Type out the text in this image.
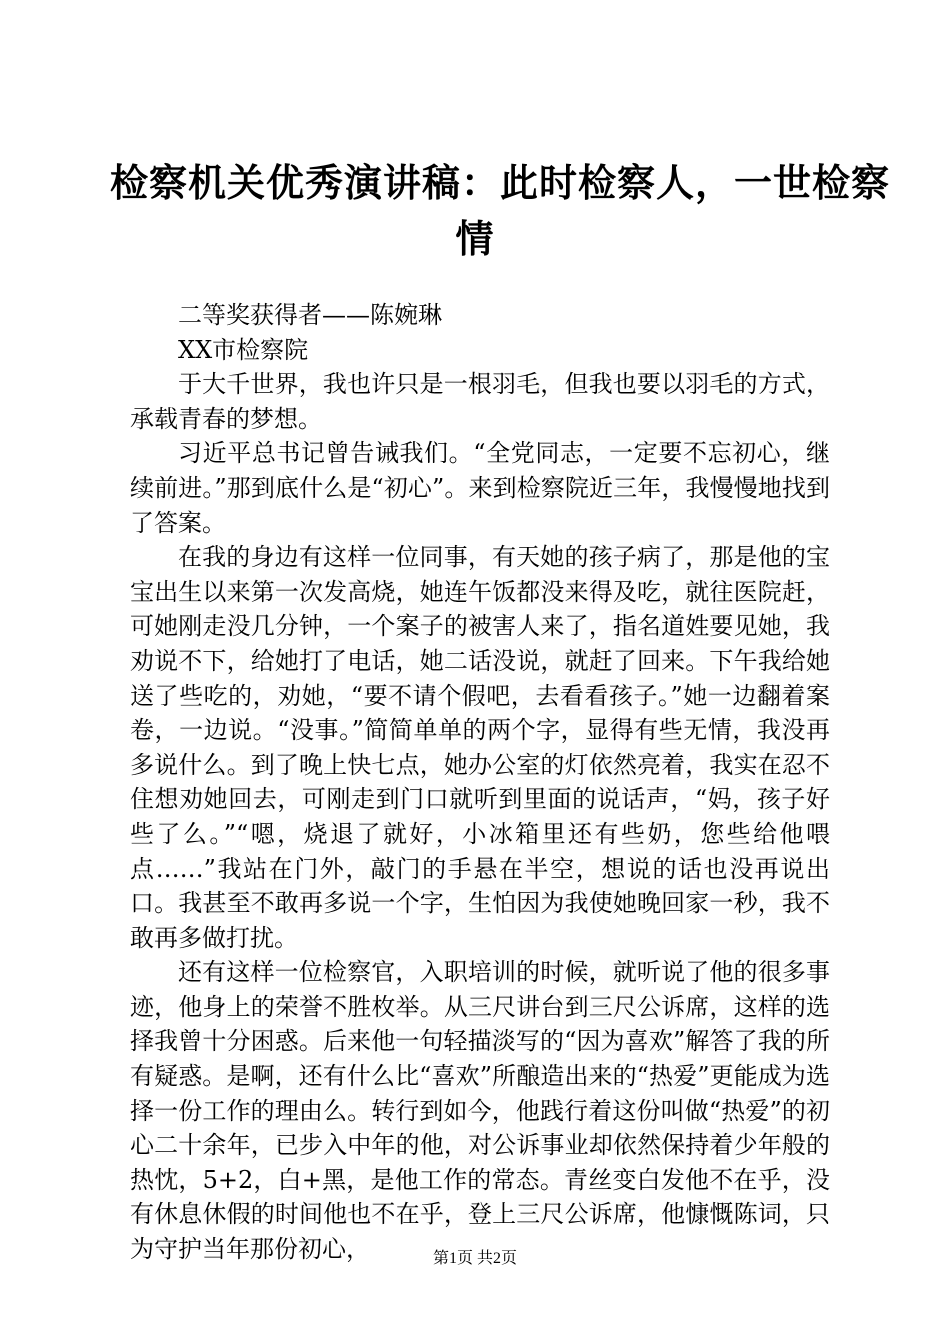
检察机关优秀演讲稿：此时检察人，一世检察
情

二等奖获得者——陈婉琳

XX市检察院

于大千世界，我也许只是一根羽毛，但我也要以羽毛的方式，承载青春的梦想。

习近平总书记曾告诫我们。“全党同志，一定要不忘初心，继续前进。”那到底什么是“初心”。来到检察院近三年，我慢慢地找到了答案。

在我的身边有这样一位同事，有天她的孩子病了，那是他的宝宝出生以来第一次发高烧，她连午饭都没来得及吃，就往医院赶，可她刚走没几分钟，一个案子的被害人来了，指名道姓要见她，我劝说不下，给她打了电话，她二话没说，就赶了回来。下午我给她送了些吃的，劝她，“要不请个假吧，去看看孩子。”她一边翻着案卷，一边说。“没事。”简简单单的两个字，显得有些无情，我没再多说什么。到了晚上快七点，她办公室的灯依然亮着，我实在忍不住想劝她回去，可刚走到门口就听到里面的说话声，“妈，孩子好些了么。”“嗯，烧退了就好，小冰箱里还有些奶，您些给他喂点……”我站在门外，敲门的手悬在半空，想说的话也没再说出口。我甚至不敢再多说一个字，生怕因为我使她晚回家一秒，我不敢再多做打扰。

还有这样一位检察官，入职培训的时候，就听说了他的很多事迹，他身上的荣誉不胜枚举。从三尺讲台到三尺公诉席，这样的选择我曾十分困惑。后来他一句轻描淡写的“因为喜欢”解答了我的所有疑惑。是啊，还有什么比“喜欢”所酿造出来的“热爱”更能成为选择一份工作的理由么。转行到如今，他践行着这份叫做“热爱”的初心二十余年，已步入中年的他，对公诉事业却依然保持着少年般的热忱，5+2，白+黑，是他工作的常态。青丝变白发他不在乎，没有休息休假的时间他也不在乎，登上三尺公诉席，他慷慨陈词，只为守护当年那份初心，	第1页 共2页
